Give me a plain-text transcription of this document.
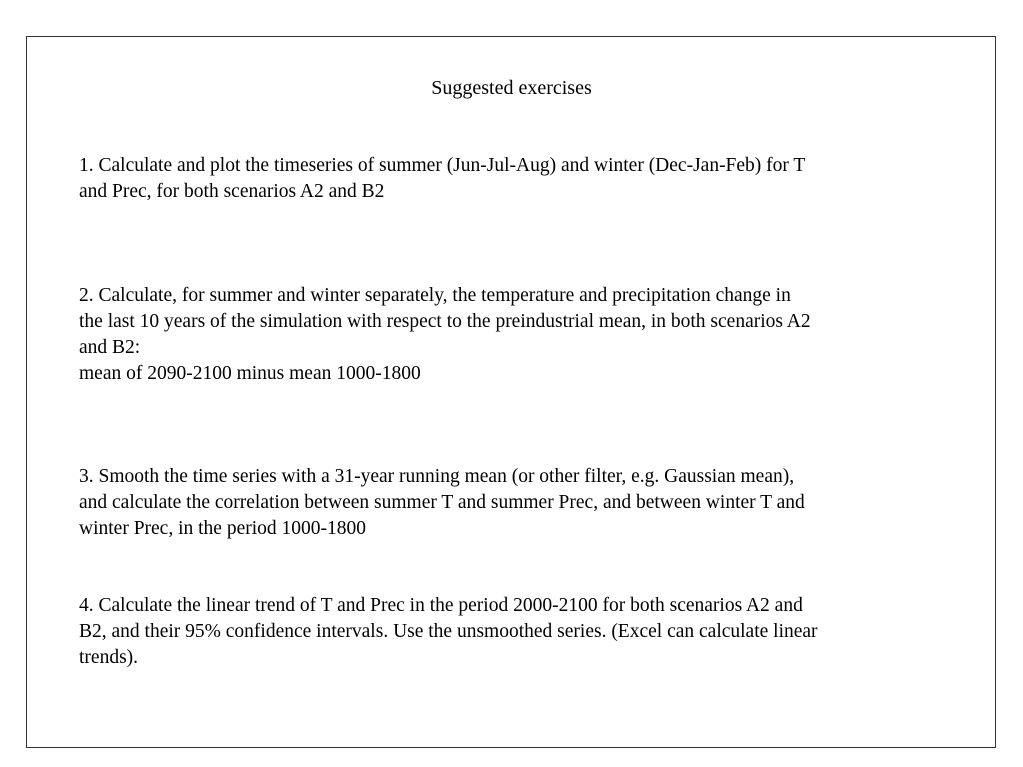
Suggested exercises

1. Calculate and plot the timeseries of summer (Jun-Jul-Aug) and winter (Dec-Jan-Feb) for T
and Prec, for both scenarios A2 and B2

2. Calculate, for summer and winter separately, the temperature and precipitation change in
the last 10 years of the simulation with respect to the preindustrial mean, in both scenarios A2
and B2:
mean of 2090-2100 minus mean 1000-1800

3. Smooth the time series with a 31-year running mean (or other filter, e.g. Gaussian mean),
and calculate the correlation between summer T and summer Prec, and between winter T and
winter Prec, in the period 1000-1800

4. Calculate the linear trend of T and Prec in the period 2000-2100 for both scenarios A2 and
B2, and their 95% confidence intervals. Use the unsmoothed series. (Excel can calculate linear
trends).
